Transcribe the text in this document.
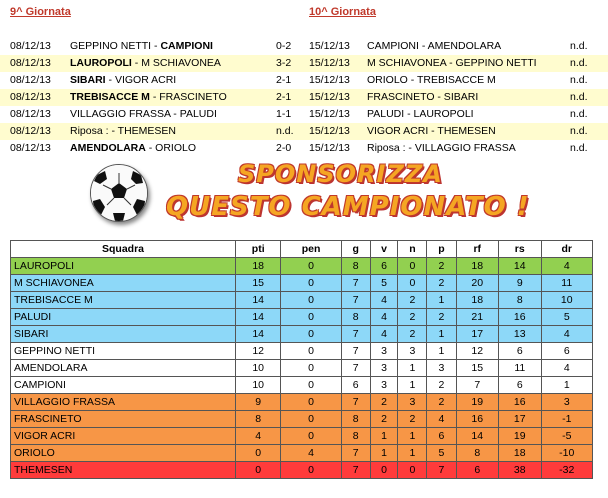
9^ Giornata	10^ Giornata
08/12/13 GEPPINO NETTI - CAMPIONI	0-2 15/12/13 CAMPIONI - AMENDOLARA	n.d.
08/12/13 LAUROPOLI - M SCHIAVONEA	3-2 15/12/13 M SCHIAVONEA - GEPPINO NETTI	n.d.
08/12/13 SIBARI - VIGOR ACRI	2-1 15/12/13 ORIOLO - TREBISACCE M	n.d.
08/12/13 TREBISACCE M - FRASCINETO	2-1 15/12/13 FRASCINETO - SIBARI	n.d.
08/12/13 VILLAGGIO FRASSA - PALUDI	1-1 15/12/13 PALUDI - LAUROPOLI	n.d.
08/12/13 Riposa : - THEMESEN	n.d. 15/12/13 VIGOR ACRI - THEMESEN	n.d.
08/12/13 AMENDOLARA - ORIOLO	2-0 15/12/13 Riposa : - VILLAGGIO FRASSA	n.d.
SPONSORIZZA
QUESTO CAMPIONATO !
Squadra	pti	pen	g	v	n	p	rf	rs	dr
LAUROPOLI	18	0	8	6	0	2	18	14	4
M SCHIAVONEA	15	0	7	5	0	2	20	9	11
TREBISACCE M	14	0	7	4	2	1	18	8	10
PALUDI	14	0	8	4	2	2	21	16	5
SIBARI	14	0	7	4	2	1	17	13	4
GEPPINO NETTI	12	0	7	3	3	1	12	6	6
AMENDOLARA	10	0	7	3	1	3	15	11	4
CAMPIONI	10	0	6	3	1	2	7	6	1
VILLAGGIO FRASSA	9	0	7	2	3	2	19	16	3
FRASCINETO	8	0	8	2	2	4	16	17	-1
VIGOR ACRI	4	0	8	1	1	6	14	19	-5
ORIOLO	0	4	7	1	1	5	8	18	-10
THEMESEN	0	0	7	0	0	7	6	38	-32
